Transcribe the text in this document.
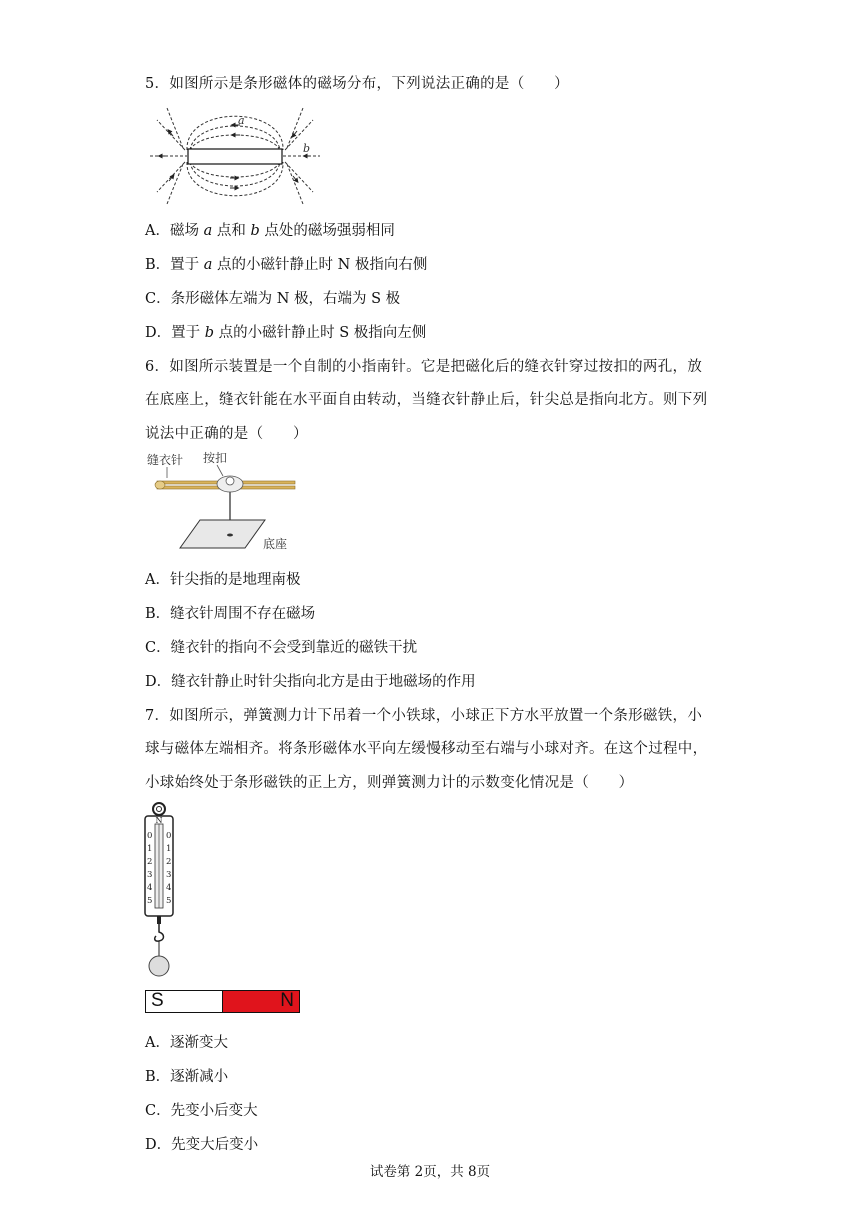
5．如图所示是条形磁体的磁场分布，下列说法正确的是（　　）
a
b
A．磁场 a 点和 b 点处的磁场强弱相同
B．置于 a 点的小磁针静止时 N 极指向右侧
C．条形磁体左端为 N 极，右端为 S 极
D．置于 b 点的小磁针静止时 S 极指向左侧
6．如图所示装置是一个自制的小指南针。它是把磁化后的缝衣针穿过按扣的两孔，放
在底座上，缝衣针能在水平面自由转动，当缝衣针静止后，针尖总是指向北方。则下列
说法中正确的是（　　）
缝衣针 按扣
底座
A．针尖指的是地理南极
B．缝衣针周围不存在磁场
C．缝衣针的指向不会受到靠近的磁铁干扰
D．缝衣针静止时针尖指向北方是由于地磁场的作用
7．如图所示，弹簧测力计下吊着一个小铁球，小球正下方水平放置一个条形磁铁，小
球与磁体左端相齐。将条形磁体水平向左缓慢移动至右端与小球对齐。在这个过程中，
小球始终处于条形磁铁的正上方，则弹簧测力计的示数变化情况是（　　）
N
0
1
2
3
4
5
0
1
2
3
4
5
S	N
A．逐渐变大
B．逐渐减小
C．先变小后变大
D．先变大后变小
试卷第 2页，共 8页
